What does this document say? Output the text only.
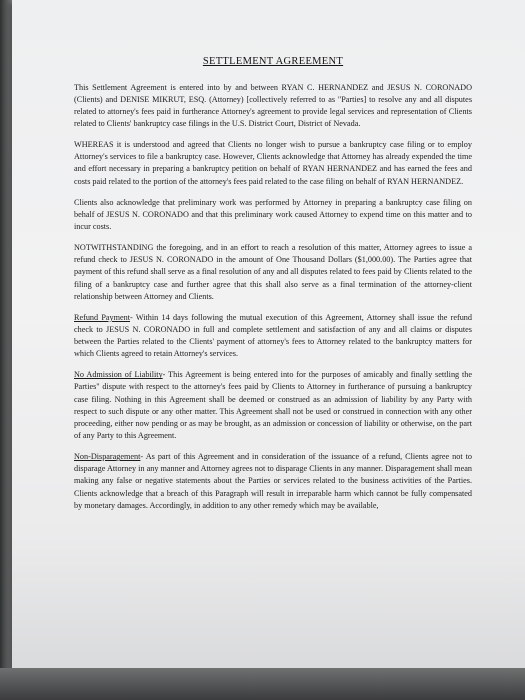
SETTLEMENT AGREEMENT

This Settlement Agreement is entered into by and between RYAN C. HERNANDEZ and JESUS N. CORONADO (Clients) and DENISE MIKRUT, ESQ. (Attorney) [collectively referred to as "Parties] to resolve any and all disputes related to attorney's fees paid in furtherance Attorney's agreement to provide legal services and representation of Clients related to Clients' bankruptcy case filings in the U.S. District Court, District of Nevada.

WHEREAS it is understood and agreed that Clients no longer wish to pursue a bankruptcy case filing or to employ Attorney's services to file a bankruptcy case. However, Clients acknowledge that Attorney has already expended the time and effort necessary in preparing a bankruptcy petition on behalf of RYAN HERNANDEZ and has earned the fees and costs paid related to the portion of the attorney's fees paid related to the case filing on behalf of RYAN HERNANDEZ.

Clients also acknowledge that preliminary work was performed by Attorney in preparing a bankruptcy case filing on behalf of JESUS N. CORONADO and that this preliminary work caused Attorney to expend time on this matter and to incur costs.

NOTWITHSTANDING the foregoing, and in an effort to reach a resolution of this matter, Attorney agrees to issue a refund check to JESUS N. CORONADO in the amount of One Thousand Dollars ($1,000.00). The Parties agree that payment of this refund shall serve as a final resolution of any and all disputes related to fees paid by Clients related to the filing of a bankruptcy case and further agree that this shall also serve as a final termination of the attorney-client relationship between Attorney and Clients.

Refund Payment- Within 14 days following the mutual execution of this Agreement, Attorney shall issue the refund check to JESUS N. CORONADO in full and complete settlement and satisfaction of any and all claims or disputes between the Parties related to the Clients' payment of attorney's fees to Attorney related to the bankruptcy matters for which Clients agreed to retain Attorney's services.

No Admission of Liability- This Agreement is being entered into for the purposes of amicably and finally settling the Parties" dispute with respect to the attorney's fees paid by Clients to Attorney in furtherance of pursuing a bankruptcy case filing. Nothing in this Agreement shall be deemed or construed as an admission of liability by any Party with respect to such dispute or any other matter. This Agreement shall not be used or construed in connection with any other proceeding, either now pending or as may be brought, as an admission or concession of liability or otherwise, on the part of any Party to this Agreement.

Non-Disparagement- As part of this Agreement and in consideration of the issuance of a refund, Clients agree not to disparage Attorney in any manner and Attorney agrees not to disparage Clients in any manner. Disparagement shall mean making any false or negative statements about the Parties or services related to the business activities of the Parties. Clients acknowledge that a breach of this Paragraph will result in irreparable harm which cannot be fully compensated by monetary damages. Accordingly, in addition to any other remedy which may be available,
